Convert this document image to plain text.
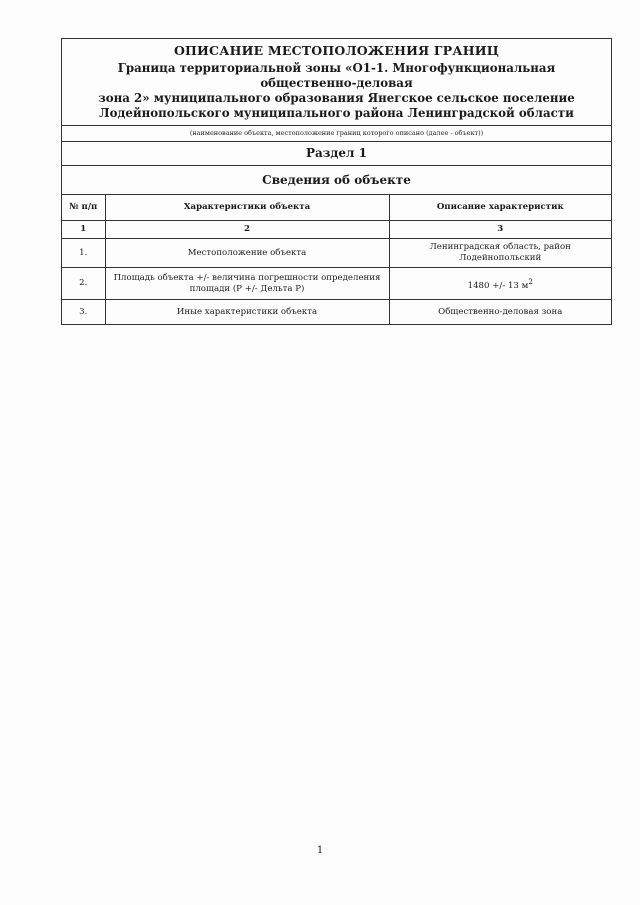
ОПИСАНИЕ МЕСТОПОЛОЖЕНИЯ ГРАНИЦ
Граница территориальной зоны «О1-1. Многофункциональная общественно-деловая
зона 2» муниципального образования Янегское сельское поселение
Лодейнопольского муниципального района Ленинградской области
(наименование объекта, местоположение границ которого описано (далее - объект))
Раздел 1
Сведения об объекте
№ п/п	Характеристики объекта	Описание характеристик
1	2	3
1.	Местоположение объекта	Ленинградская область, район Лодейнопольский
2.	Площадь объекта +/- величина погрешности определения площади (P +/- Дельта P)	1480 +/- 13 $м^2$
3.	Иные характеристики объекта	Общественно-деловая зона
1
